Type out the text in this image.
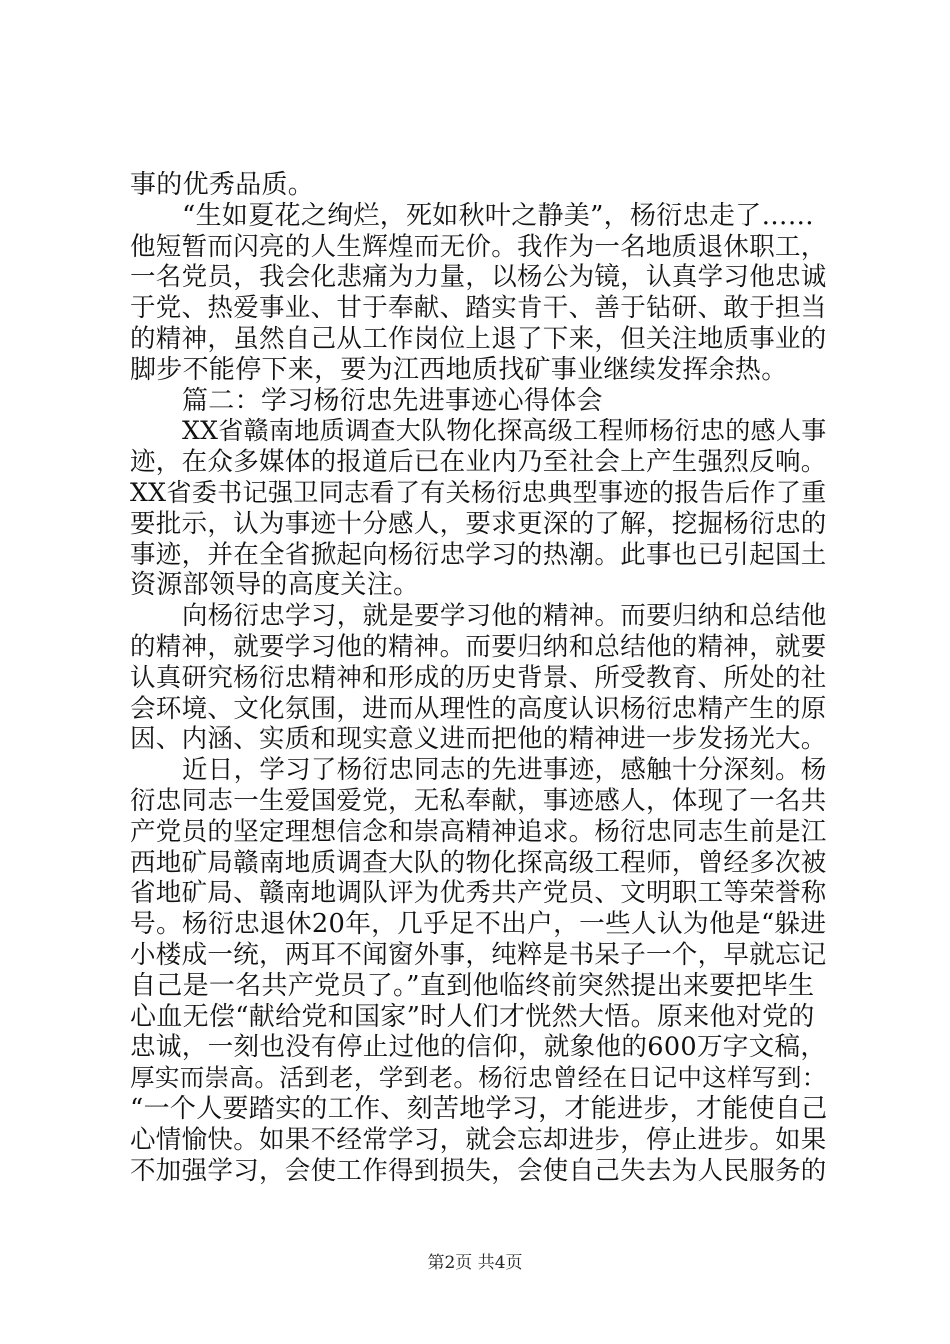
事的优秀品质。
“生如夏花之绚烂，死如秋叶之静美”，杨衍忠走了……
他短暂而闪亮的人生辉煌而无价。我作为一名地质退休职工，
一名党员，我会化悲痛为力量，以杨公为镜，认真学习他忠诚
于党、热爱事业、甘于奉献、踏实肯干、善于钻研、敢于担当
的精神，虽然自己从工作岗位上退了下来，但关注地质事业的
脚步不能停下来，要为江西地质找矿事业继续发挥余热。
篇二：学习杨衍忠先进事迹心得体会
XX省赣南地质调查大队物化探高级工程师杨衍忠的感人事
迹，在众多媒体的报道后已在业内乃至社会上产生强烈反响。
XX省委书记强卫同志看了有关杨衍忠典型事迹的报告后作了重
要批示，认为事迹十分感人，要求更深的了解，挖掘杨衍忠的
事迹，并在全省掀起向杨衍忠学习的热潮。此事也已引起国土
资源部领导的高度关注。
向杨衍忠学习，就是要学习他的精神。而要归纳和总结他
的精神，就要学习他的精神。而要归纳和总结他的精神，就要
认真研究杨衍忠精神和形成的历史背景、所受教育、所处的社
会环境、文化氛围，进而从理性的高度认识杨衍忠精产生的原
因、内涵、实质和现实意义进而把他的精神进一步发扬光大。
近日，学习了杨衍忠同志的先进事迹，感触十分深刻。杨
衍忠同志一生爱国爱党，无私奉献，事迹感人，体现了一名共
产党员的坚定理想信念和崇高精神追求。杨衍忠同志生前是江
西地矿局赣南地质调查大队的物化探高级工程师，曾经多次被
省地矿局、赣南地调队评为优秀共产党员、文明职工等荣誉称
号。杨衍忠退休20年，几乎足不出户，一些人认为他是“躲进
小楼成一统，两耳不闻窗外事，纯粹是书呆子一个，早就忘记
自己是一名共产党员了。”直到他临终前突然提出来要把毕生
心血无偿“献给党和国家”时人们才恍然大悟。原来他对党的
忠诚，一刻也没有停止过他的信仰，就象他的600万字文稿，
厚实而崇高。活到老，学到老。杨衍忠曾经在日记中这样写到：
“一个人要踏实的工作、刻苦地学习，才能进步，才能使自己
心情愉快。如果不经常学习，就会忘却进步，停止进步。如果
不加强学习，会使工作得到损失，会使自己失去为人民服务的
第2页 共4页
